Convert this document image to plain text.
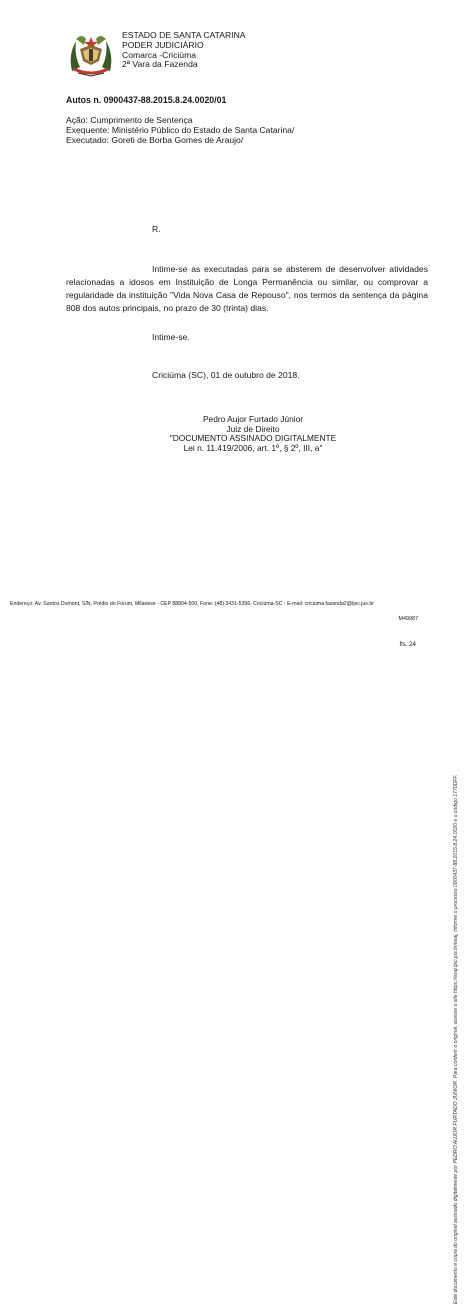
ESTADO DE SANTA CATARINA
PODER JUDICIÁRIO
Comarca -Criciúma
2ª Vara da Fazenda
Autos n. 0900437-88.2015.8.24.0020/01
Ação: Cumprimento de Sentença
Exequente: Ministério Público do Estado de Santa Catarina/
Executado: Goreti de Borba Gomes de Araujo/
R.

Intime-se as executadas para se absterem de desenvolver atividades relacionadas a idosos em Instituição de Longa Permanência ou similar, ou comprovar a regularidade da instituição "Vida Nova Casa de Repouso", nos termos da sentença da página 808 dos autos principais, no prazo de 30 (trinta) dias.

Intime-se.
Criciúma (SC), 01 de outubro de 2018.
Pedro Aujor Furtado Júnior
Juiz de Direito
"DOCUMENTO ASSINADO DIGITALMENTE
Lei n. 11.419/2006, art. 1º, § 2º, III, a"
Endereço: Av. Santos Dumont, S/N, Prédio do Forum, Milanese - CEP 88804-500, Fone: (48) 3431-5396, Criciúma-SC - E-mail: criciuma.fazenda2@tjsc.jus.br
M49987
fls. 24
Este documento é cópia do original assinado digitalmente por PEDRO AUJOR FURTADO JUNIOR. Para conferir o original, acesse o site https://esaj.tjsc.jus.br/esaj, informe o processo 0900437-88.2015.8.24.0020 e o código 1770DFF.
